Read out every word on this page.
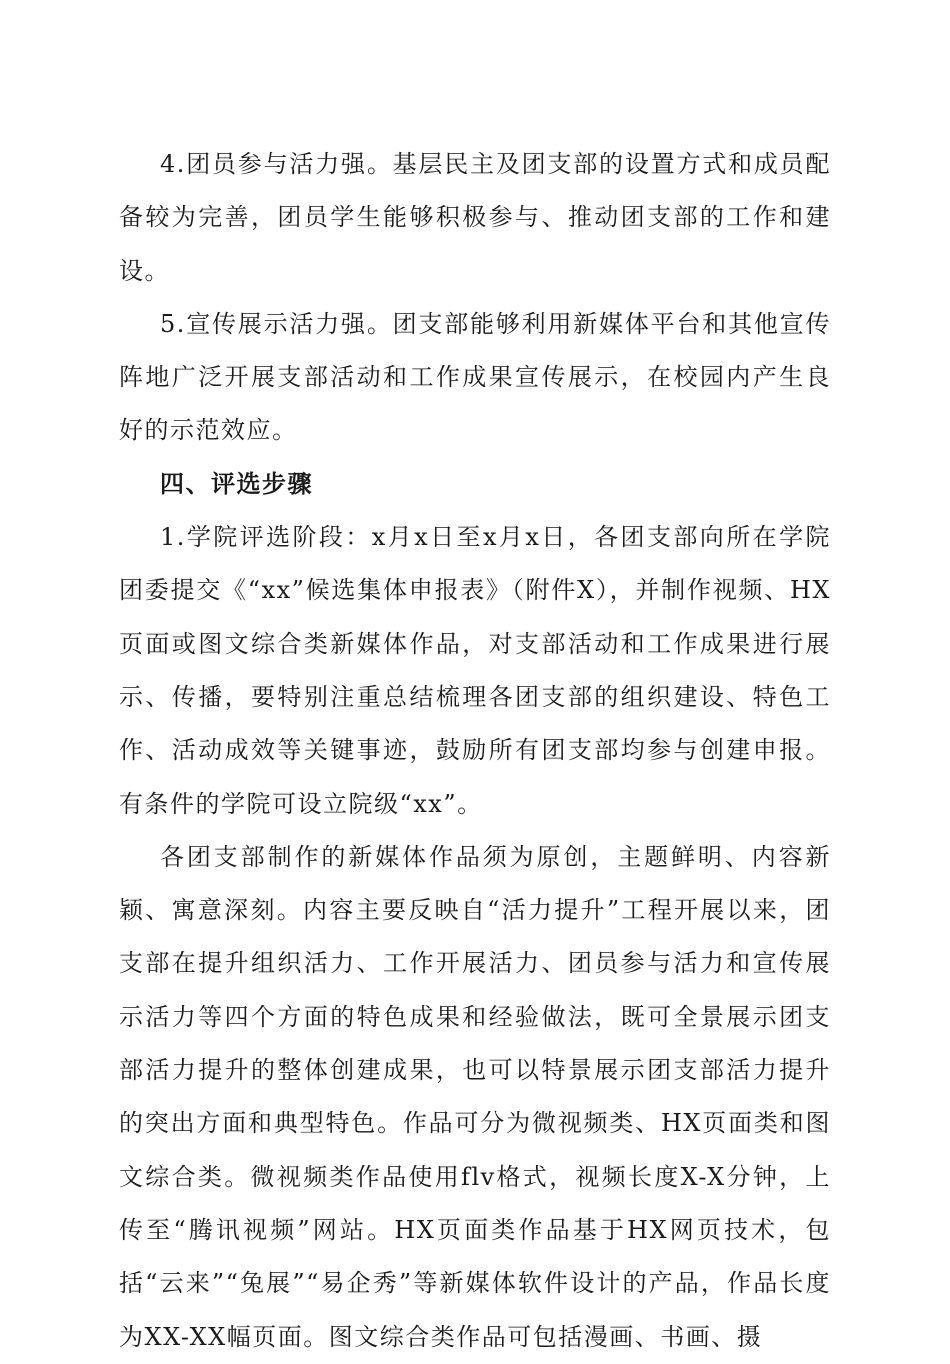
4.团员参与活力强。基层民主及团支部的设置方式和成员配备较为完善，团员学生能够积极参与、推动团支部的工作和建设。

5.宣传展示活力强。团支部能够利用新媒体平台和其他宣传阵地广泛开展支部活动和工作成果宣传展示，在校园内产生良好的示范效应。

四、评选步骤

1.学院评选阶段：x月x日至x月x日，各团支部向所在学院团委提交《“xx”候选集体申报表》（附件X），并制作视频、HX页面或图文综合类新媒体作品，对支部活动和工作成果进行展示、传播，要特别注重总结梳理各团支部的组织建设、特色工作、活动成效等关键事迹，鼓励所有团支部均参与创建申报。有条件的学院可设立院级“xx”。

各团支部制作的新媒体作品须为原创，主题鲜明、内容新颖、寓意深刻。内容主要反映自“活力提升”工程开展以来，团支部在提升组织活力、工作开展活力、团员参与活力和宣传展示活力等四个方面的特色成果和经验做法，既可全景展示团支部活力提升的整体创建成果，也可以特景展示团支部活力提升的突出方面和典型特色。作品可分为微视频类、HX页面类和图文综合类。微视频类作品使用flv格式，视频长度X-X分钟，上传至“腾讯视频”网站。HX页面类作品基于HX网页技术，包括“云来”“兔展”“易企秀”等新媒体软件设计的产品，作品长度为XX-XX幅页面。图文综合类作品可包括漫画、书画、摄
